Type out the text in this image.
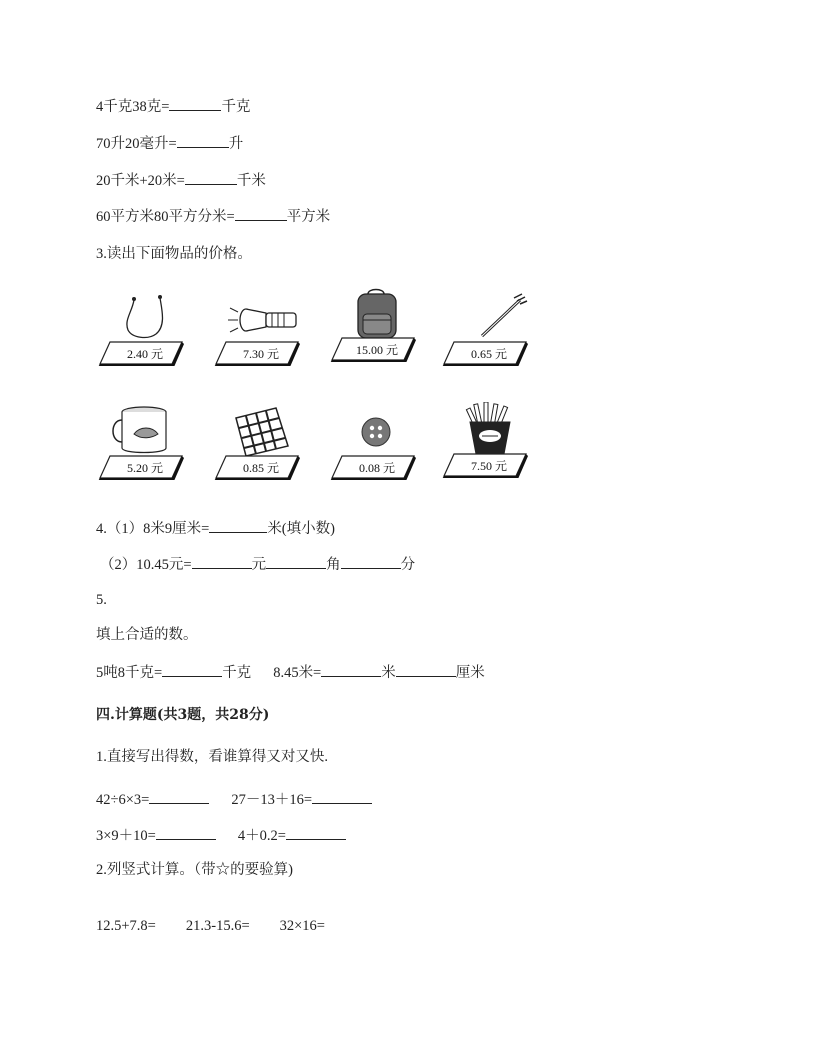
4千克38克=	千克
70升20毫升=	升
20千米+20米=	千米
60平方米80平方分米=	平方米
3.读出下面物品的价格。
2.40 元	7.30 元	15.00 元	0.65 元
5.20 元	0.85 元	0.08 元	7.50 元
4.（1）8米9厘米=	米(填小数)
（2）10.45元=	元	角	分
5.
填上合适的数。
5吨8千克=	千克 8.45米=	米	厘米
四.计算题(共3题，共28分)
1.直接写出得数，看谁算得又对又快.
42÷6×3=	27－13＋16=
3×9＋10=	4＋0.2=
2.列竖式计算。（带☆的要验算)
12.5+7.8= 21.3-15.6= 32×16=
